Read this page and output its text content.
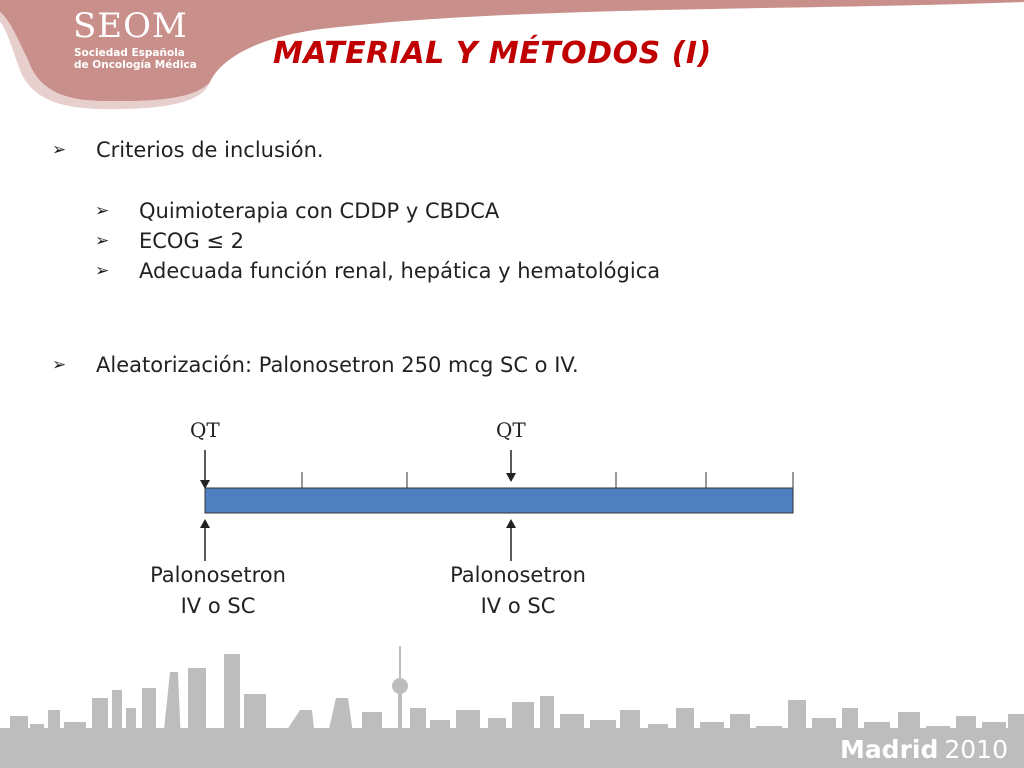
SEOM
Sociedad Española
de Oncología Médica	MATERIAL Y MÉTODOS (I)
➢	Criterios de inclusión.
➢	Quimioterapia con CDDP y CBDCA
➢	ECOG ≤ 2
➢	Adecuada función renal, hepática y hematológica
➢	Aleatorización: Palonosetron 250 mcg SC o IV.
QT	QT
Palonosetron
IV o SC
Palonosetron
IV o SC
Madrid 2010
